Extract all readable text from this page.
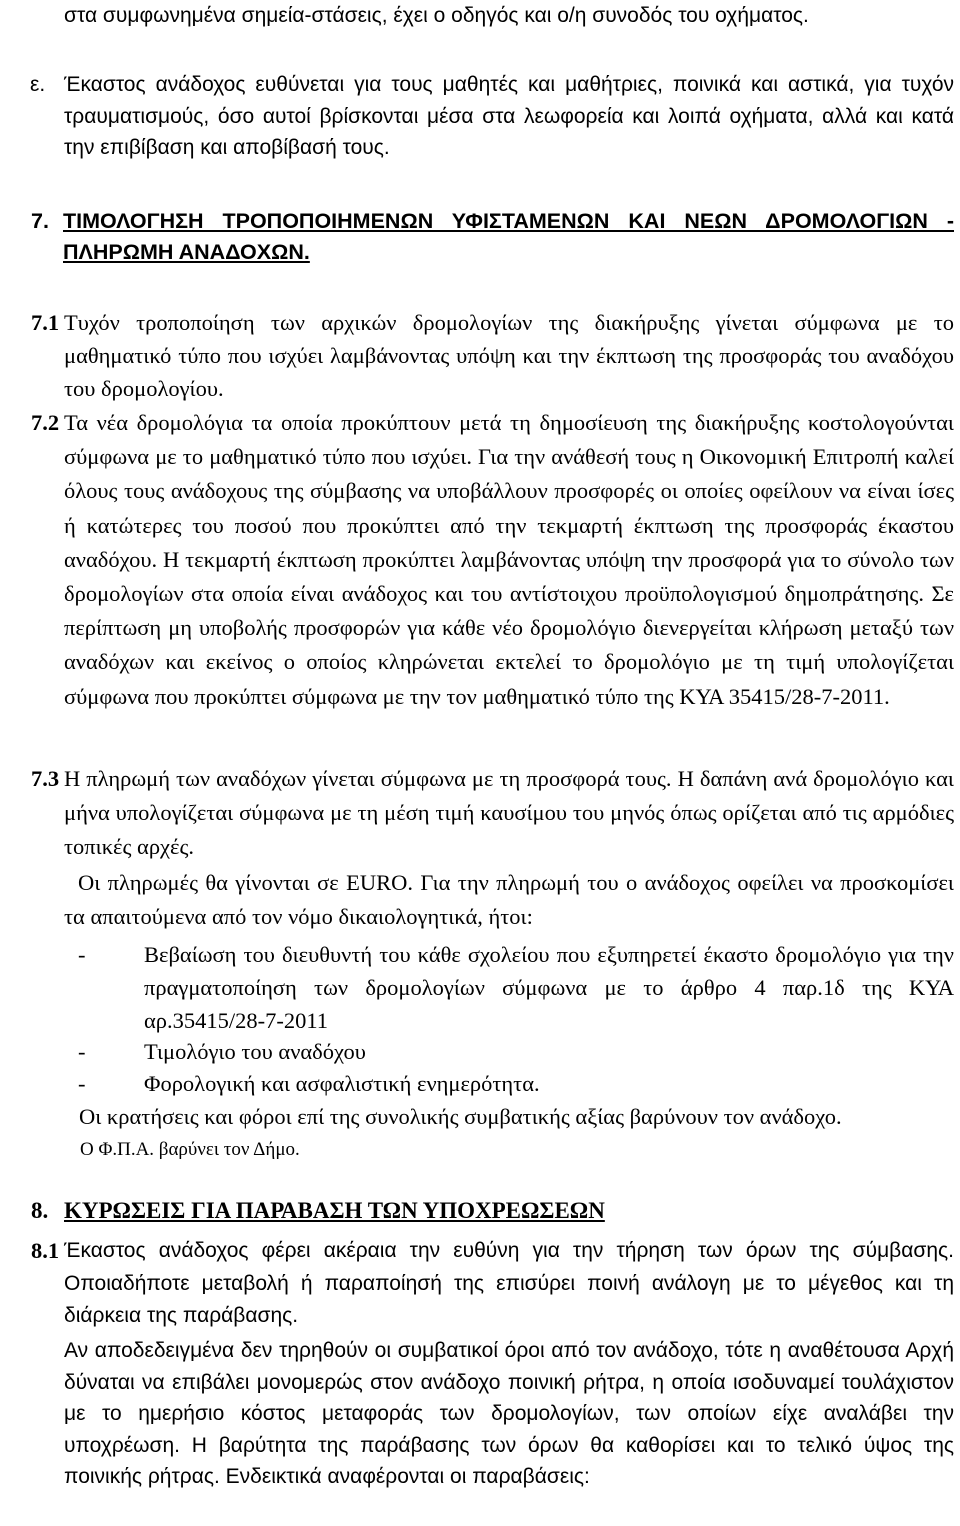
στα συμφωνημένα σημεία-στάσεις, έχει ο οδηγός και ο/η συνοδός του οχήματος.
ε. Έκαστος ανάδοχος ευθύνεται για τους μαθητές και μαθήτριες, ποινικά και αστικά, για τυχόν τραυματισμούς, όσο αυτοί βρίσκονται μέσα στα λεωφορεία και λοιπά οχήματα, αλλά και κατά την επιβίβαση και αποβίβασή τους.
7. ΤΙΜΟΛΟΓΗΣΗ ΤΡΟΠΟΠΟΙΗΜΕΝΩΝ ΥΦΙΣΤΑΜΕΝΩΝ ΚΑΙ ΝΕΩΝ ΔΡΟΜΟΛΟΓΙΩΝ - ΠΛΗΡΩΜΗ ΑΝΑΔΟΧΩΝ.
7.1 Τυχόν τροποποίηση των αρχικών δρομολογίων της διακήρυξης γίνεται σύμφωνα με το μαθηματικό τύπο που ισχύει λαμβάνοντας υπόψη και την έκπτωση της προσφοράς του αναδόχου του δρομολογίου.
7.2 Τα νέα δρομολόγια τα οποία προκύπτουν μετά τη δημοσίευση της διακήρυξης κοστολογούνται σύμφωνα με το μαθηματικό τύπο που ισχύει. Για την ανάθεσή τους η Οικονομική Επιτροπή καλεί όλους τους ανάδοχους της σύμβασης να υποβάλλουν προσφορές οι οποίες οφείλουν να είναι ίσες ή κατώτερες του ποσού που προκύπτει από την τεκμαρτή έκπτωση της προσφοράς έκαστου αναδόχου. Η τεκμαρτή έκπτωση προκύπτει λαμβάνοντας υπόψη την προσφορά για το σύνολο των δρομολογίων στα οποία είναι ανάδοχος και του αντίστοιχου προϋπολογισμού δημοπράτησης. Σε περίπτωση μη υποβολής προσφορών για κάθε νέο δρομολόγιο διενεργείται κλήρωση μεταξύ των αναδόχων και εκείνος ο οποίος κληρώνεται εκτελεί το δρομολόγιο με τη τιμή υπολογίζεται σύμφωνα που προκύπτει σύμφωνα με την τον μαθηματικό τύπο της ΚΥΑ 35415/28-7-2011.
7.3 Η πληρωμή των αναδόχων γίνεται σύμφωνα με τη προσφορά τους. Η δαπάνη ανά δρομολόγιο και μήνα υπολογίζεται σύμφωνα με τη μέση τιμή καυσίμου του μηνός όπως ορίζεται από τις αρμόδιες τοπικές αρχές.
Οι πληρωμές θα γίνονται σε EURO. Για την πληρωμή του ο ανάδοχος οφείλει να προσκομίσει τα απαιτούμενα από τον νόμο δικαιολογητικά, ήτοι:
-	Βεβαίωση του διευθυντή του κάθε σχολείου που εξυπηρετεί έκαστο δρομολόγιο για την πραγματοποίηση των δρομολογίων σύμφωνα με το άρθρο 4 παρ.1δ της ΚΥΑ αρ.35415/28-7-2011
-	Τιμολόγιο του αναδόχου
-	Φορολογική και ασφαλιστική ενημερότητα.
Οι κρατήσεις και φόροι επί της συνολικής συμβατικής αξίας βαρύνουν τον ανάδοχο.
Ο Φ.Π.Α. βαρύνει τον Δήμο.
8. ΚΥΡΩΣΕΙΣ ΓΙΑ ΠΑΡΑΒΑΣΗ ΤΩΝ ΥΠΟΧΡΕΩΣΕΩΝ
8.1 Έκαστος ανάδοχος φέρει ακέραια την ευθύνη για την τήρηση των όρων της σύμβασης. Οποιαδήποτε μεταβολή ή παραποίησή της επισύρει ποινή ανάλογη με το μέγεθος και τη διάρκεια της παράβασης.
Αν αποδεδειγμένα δεν τηρηθούν οι συμβατικοί όροι από τον ανάδοχο, τότε η αναθέτουσα Αρχή δύναται να επιβάλει μονομερώς στον ανάδοχο ποινική ρήτρα, η οποία ισοδυναμεί τουλάχιστον με το ημερήσιο κόστος μεταφοράς των δρομολογίων, των οποίων είχε αναλάβει την υποχρέωση. Η βαρύτητα της παράβασης των όρων θα καθορίσει και το τελικό ύψος της ποινικής ρήτρας. Ενδεικτικά αναφέρονται οι παραβάσεις:
